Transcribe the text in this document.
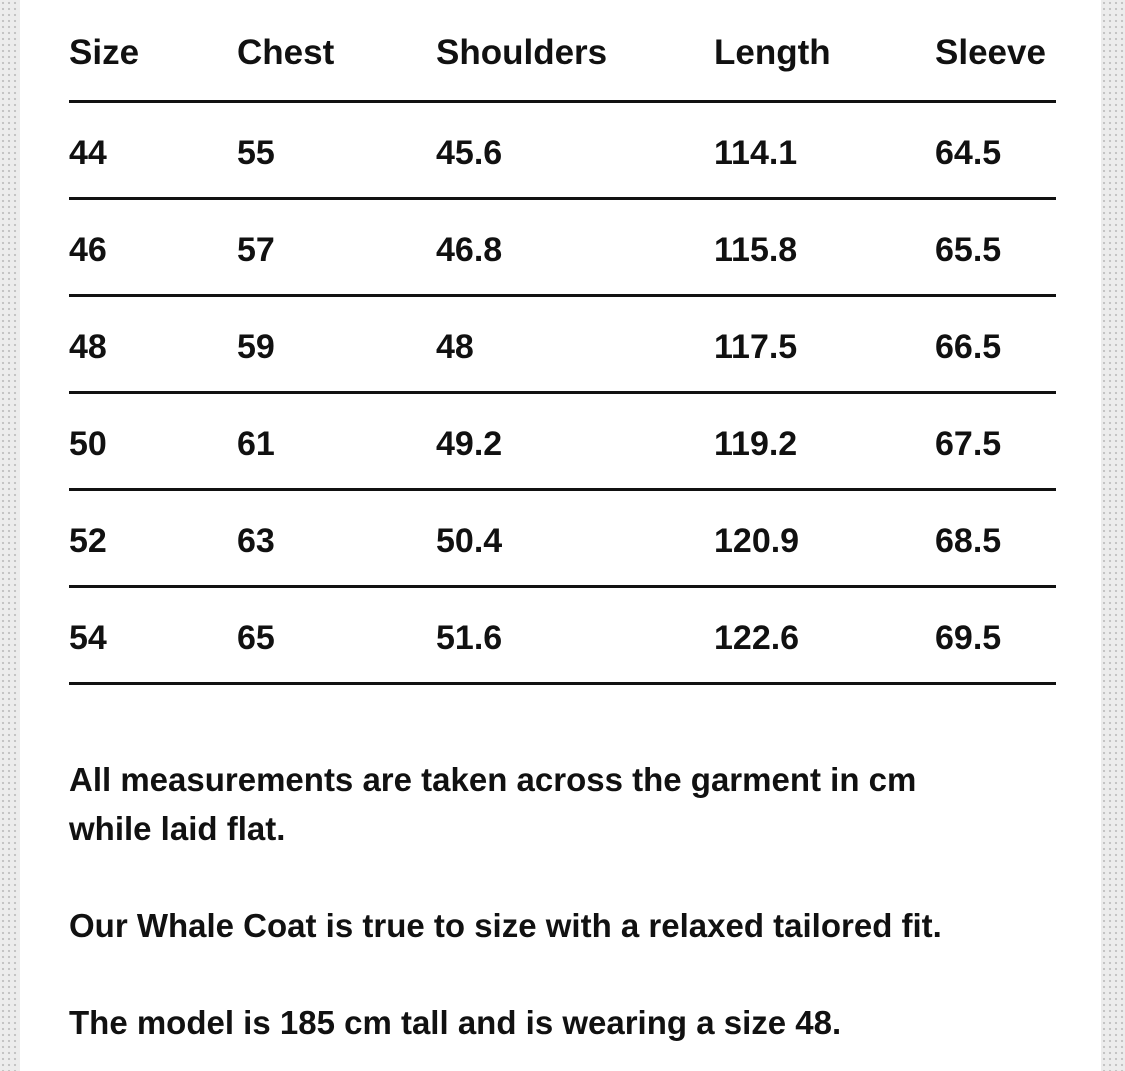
Size	Chest	Shoulders	Length	Sleeve
44	55	45.6	114.1	64.5
46	57	46.8	115.8	65.5
48	59	48	117.5	66.5
50	61	49.2	119.2	67.5
52	63	50.4	120.9	68.5
54	65	51.6	122.6	69.5

All measurements are taken across the garment in cm

while laid flat.

Our Whale Coat is true to size with a relaxed tailored fit.

The model is 185 cm tall and is wearing a size 48.
